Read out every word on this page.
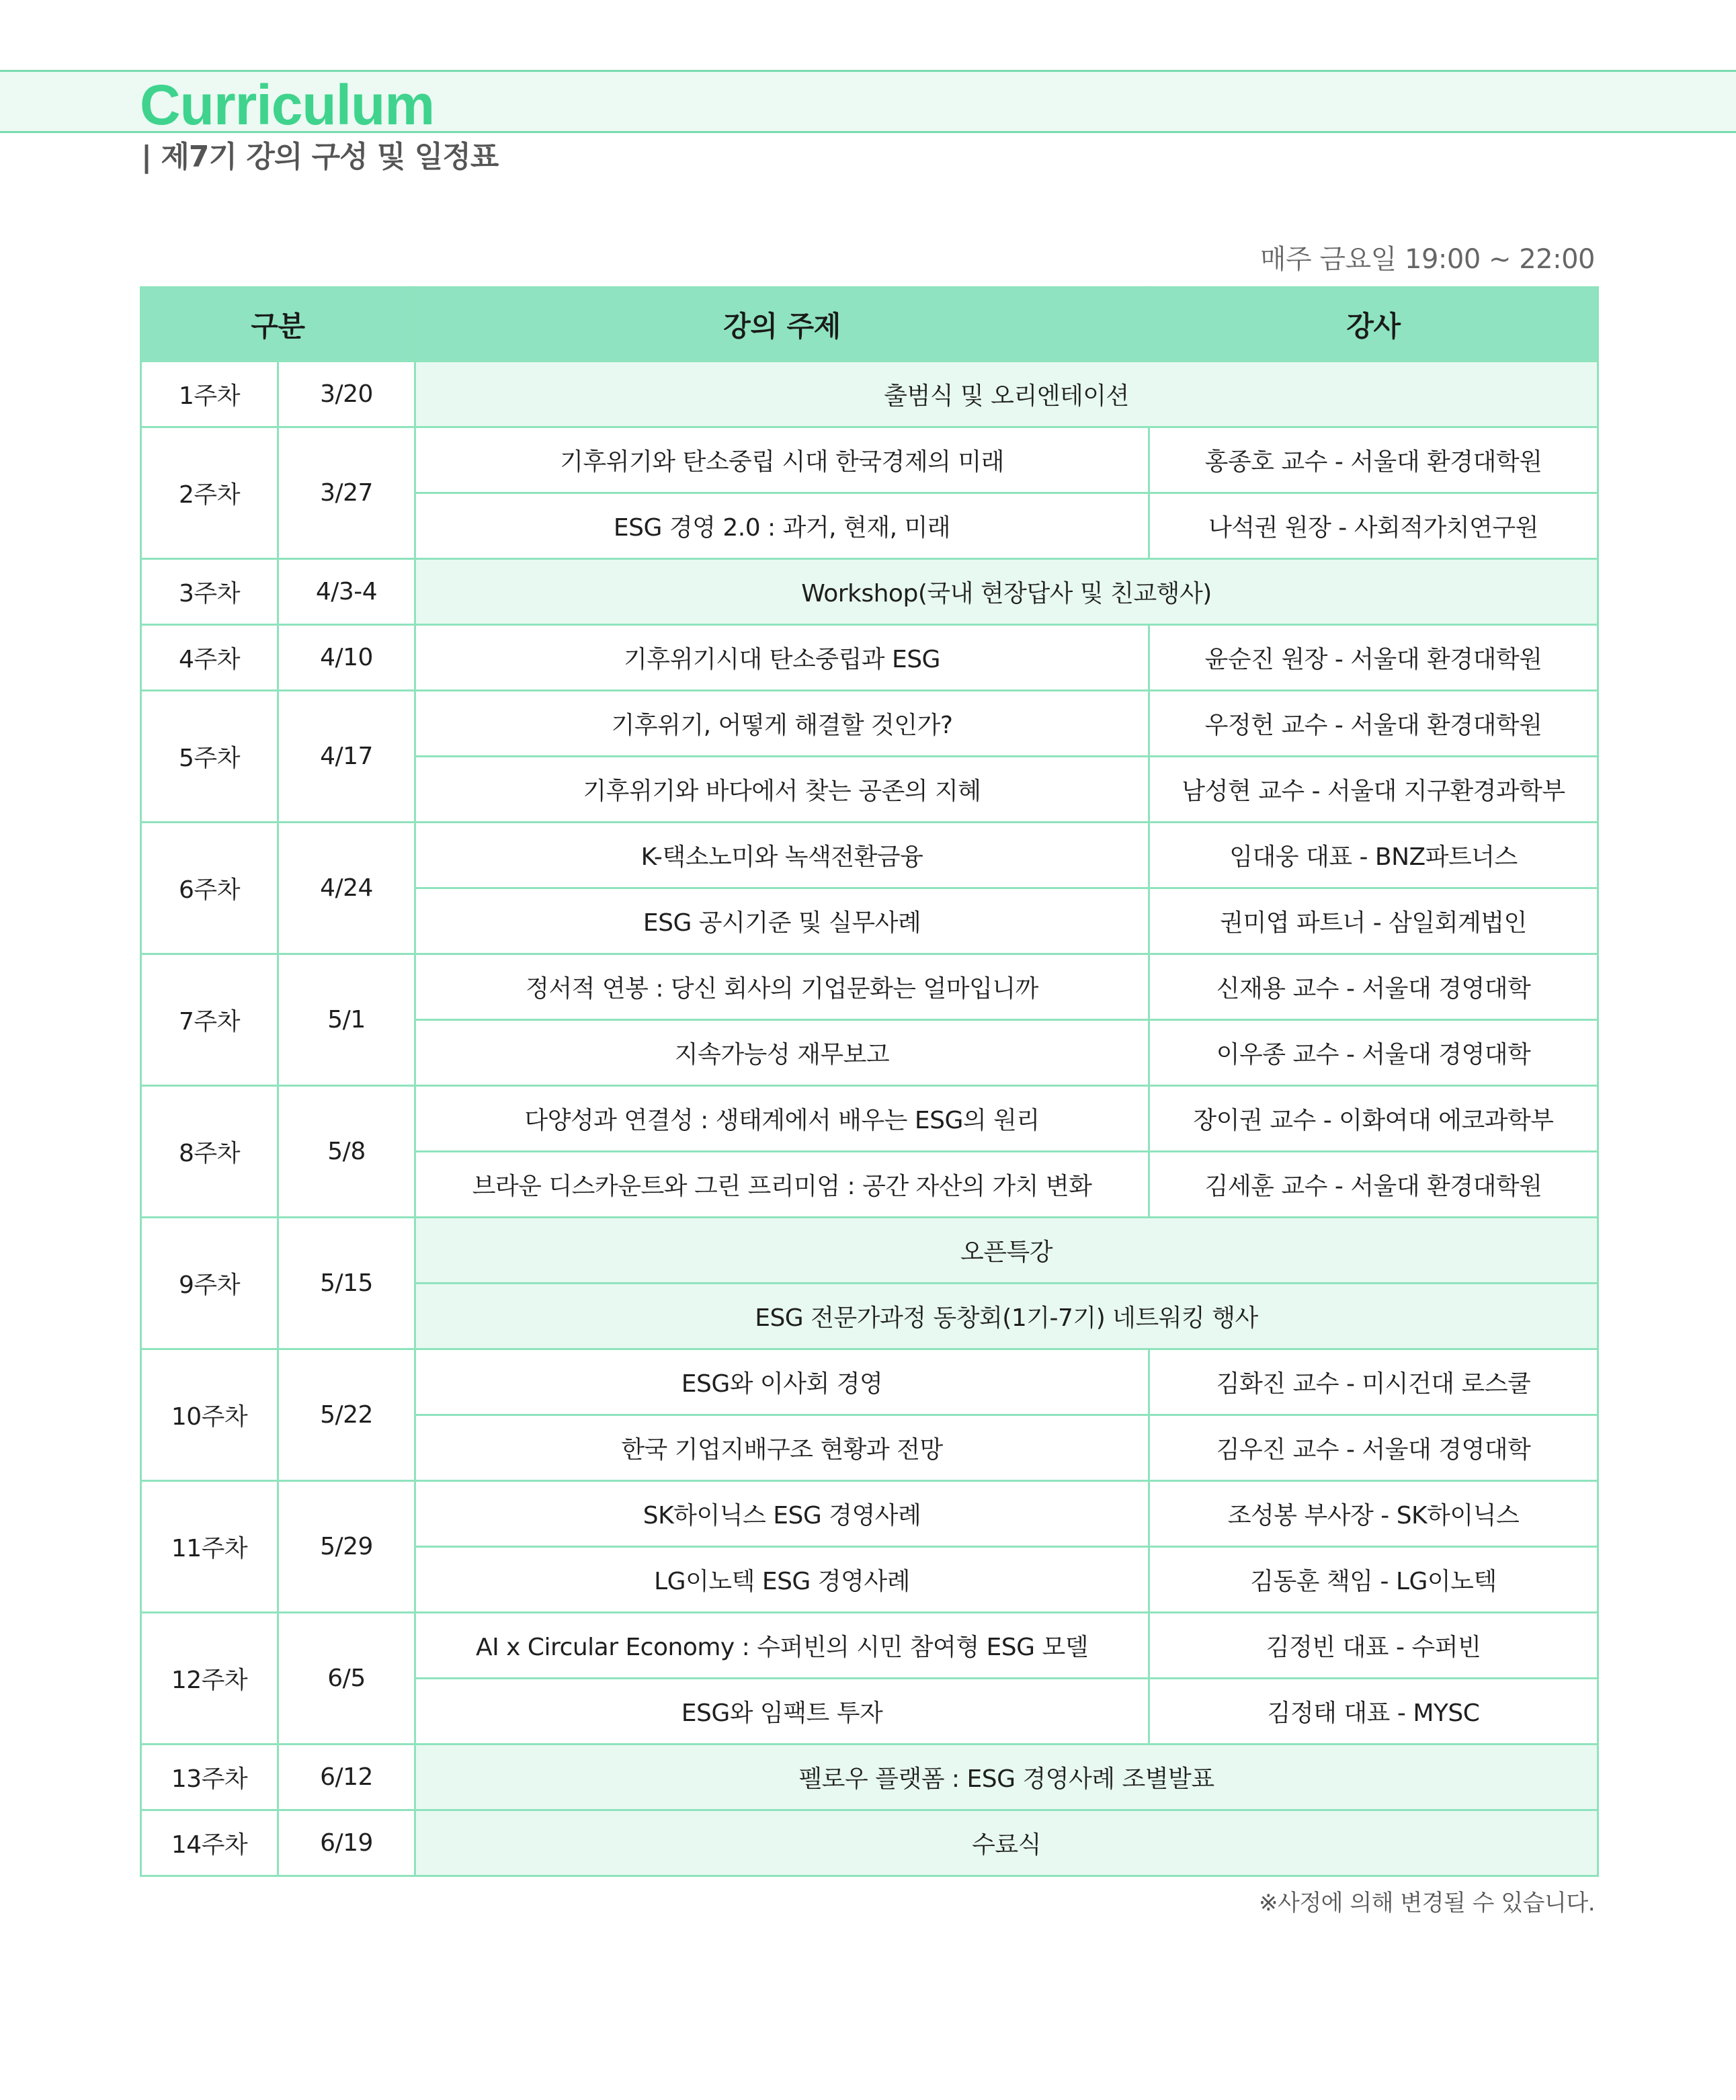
Curriculum
| 제7기 강의 구성 및 일정표
매주 금요일 19:00 ~ 22:00
구분		강의 주제	강사
1주차	3/20	출범식 및 오리엔테이션	
2주차	3/27	기후위기와 탄소중립 시대 한국경제의 미래	홍종호 교수 - 서울대 환경대학원
		ESG 경영 2.0 : 과거, 현재, 미래	나석권 원장 - 사회적가치연구원
3주차	4/3-4	Workshop(국내 현장답사 및 친교행사)	
4주차	4/10	기후위기시대 탄소중립과 ESG	윤순진 원장 - 서울대 환경대학원
5주차	4/17	기후위기, 어떻게 해결할 것인가?	우정헌 교수 - 서울대 환경대학원
		기후위기와 바다에서 찾는 공존의 지혜	남성현 교수 - 서울대 지구환경과학부
6주차	4/24	K-택소노미와 녹색전환금융	임대웅 대표 - BNZ파트너스
		ESG 공시기준 및 실무사례	권미엽 파트너 - 삼일회계법인
7주차	5/1	정서적 연봉 : 당신 회사의 기업문화는 얼마입니까	신재용 교수 - 서울대 경영대학
		지속가능성 재무보고	이우종 교수 - 서울대 경영대학
8주차	5/8	다양성과 연결성 : 생태계에서 배우는 ESG의 원리	장이권 교수 - 이화여대 에코과학부
		브라운 디스카운트와 그린 프리미엄 : 공간 자산의 가치 변화	김세훈 교수 - 서울대 환경대학원
9주차	5/15	오픈특강	
		ESG 전문가과정 동창회(1기-7기) 네트워킹 행사	
10주차	5/22	ESG와 이사회 경영	김화진 교수 - 미시건대 로스쿨
		한국 기업지배구조 현황과 전망	김우진 교수 - 서울대 경영대학
11주차	5/29	SK하이닉스 ESG 경영사례	조성봉 부사장 - SK하이닉스
		LG이노텍 ESG 경영사례	김동훈 책임 - LG이노텍
12주차	6/5	AI x Circular Economy : 수퍼빈의 시민 참여형 ESG 모델	김정빈 대표 - 수퍼빈
		ESG와 임팩트 투자	김정태 대표 - MYSC
13주차	6/12	펠로우 플랫폼 : ESG 경영사례 조별발표	
14주차	6/19	수료식	
※사정에 의해 변경될 수 있습니다.
